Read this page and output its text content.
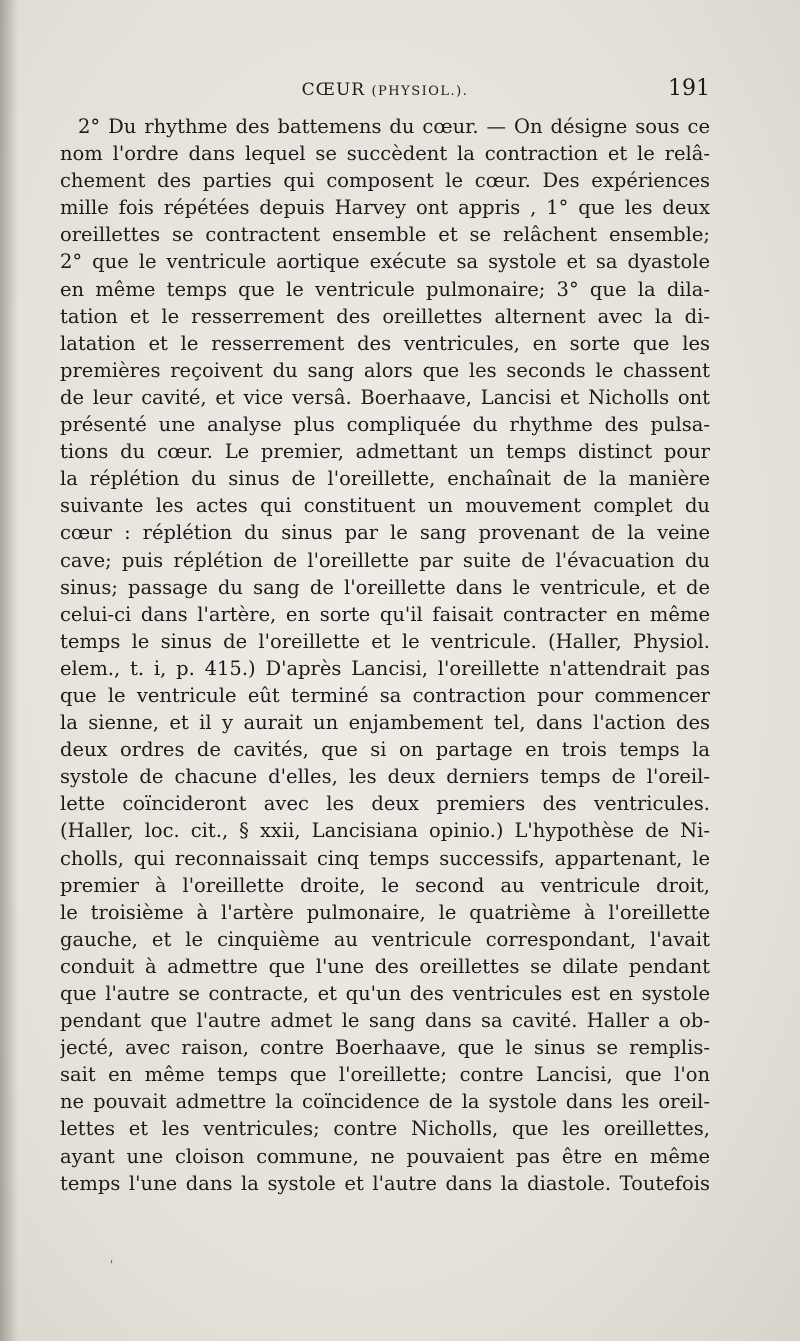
CŒUR (PHYSIOL.).	191
2° Du rhythme des battemens du cœur. — On désigne sous ce
nom l'ordre dans lequel se succèdent la contraction et le relâ-
chement des parties qui composent le cœur. Des expériences
mille fois répétées depuis Harvey ont appris , 1° que les deux
oreillettes se contractent ensemble et se relâchent ensemble;
2° que le ventricule aortique exécute sa systole et sa dyastole
en même temps que le ventricule pulmonaire; 3° que la dila-
tation et le resserrement des oreillettes alternent avec la di-
latation et le resserrement des ventricules, en sorte que les
premières reçoivent du sang alors que les seconds le chassent
de leur cavité, et vice versâ. Boerhaave, Lancisi et Nicholls ont
présenté une analyse plus compliquée du rhythme des pulsa-
tions du cœur. Le premier, admettant un temps distinct pour
la réplétion du sinus de l'oreillette, enchaînait de la manière
suivante les actes qui constituent un mouvement complet du
cœur : réplétion du sinus par le sang provenant de la veine
cave; puis réplétion de l'oreillette par suite de l'évacuation du
sinus; passage du sang de l'oreillette dans le ventricule, et de
celui-ci dans l'artère, en sorte qu'il faisait contracter en même
temps le sinus de l'oreillette et le ventricule. (Haller, Physiol.
elem., t. i, p. 415.) D'après Lancisi, l'oreillette n'attendrait pas
que le ventricule eût terminé sa contraction pour commencer
la sienne, et il y aurait un enjambement tel, dans l'action des
deux ordres de cavités, que si on partage en trois temps la
systole de chacune d'elles, les deux derniers temps de l'oreil-
lette coïncideront avec les deux premiers des ventricules.
(Haller, loc. cit., § xxii, Lancisiana opinio.) L'hypothèse de Ni-
cholls, qui reconnaissait cinq temps successifs, appartenant, le
premier à l'oreillette droite, le second au ventricule droit,
le troisième à l'artère pulmonaire, le quatrième à l'oreillette
gauche, et le cinquième au ventricule correspondant, l'avait
conduit à admettre que l'une des oreillettes se dilate pendant
que l'autre se contracte, et qu'un des ventricules est en systole
pendant que l'autre admet le sang dans sa cavité. Haller a ob-
jecté, avec raison, contre Boerhaave, que le sinus se remplis-
sait en même temps que l'oreillette; contre Lancisi, que l'on
ne pouvait admettre la coïncidence de la systole dans les oreil-
lettes et les ventricules; contre Nicholls, que les oreillettes,
ayant une cloison commune, ne pouvaient pas être en même
temps l'une dans la systole et l'autre dans la diastole. Toutefois
'
